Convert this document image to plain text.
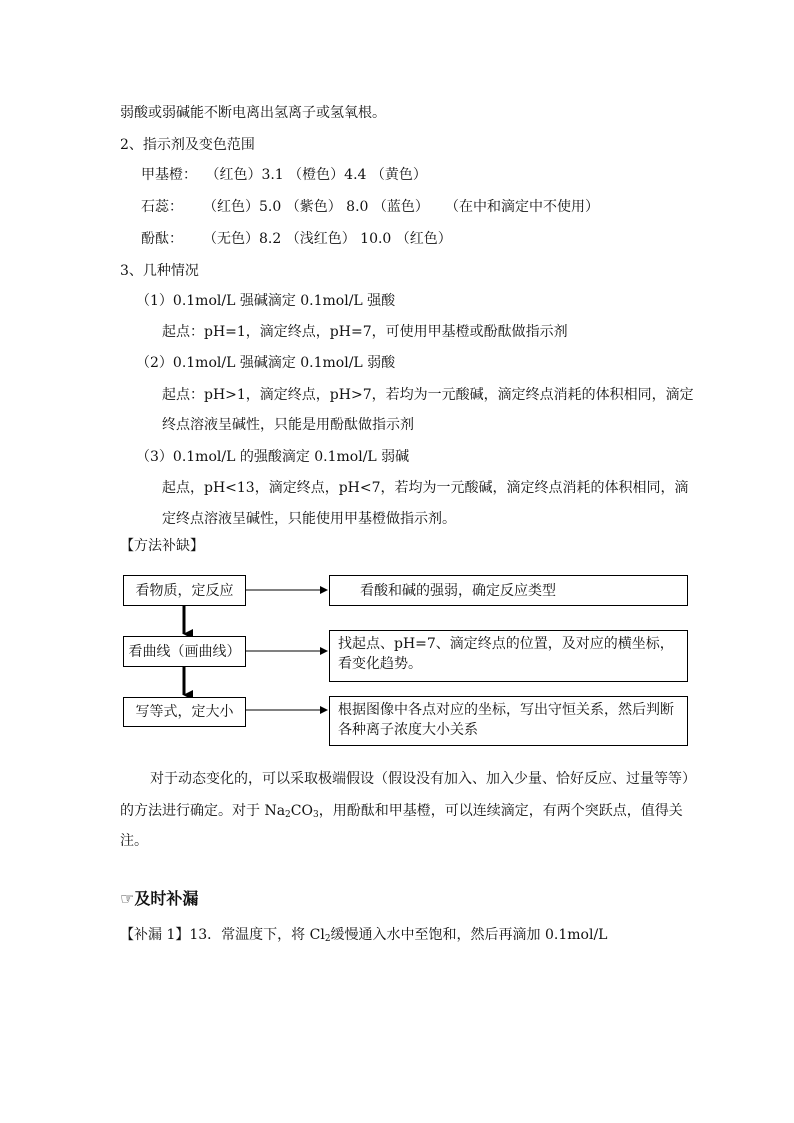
弱酸或弱碱能不断电离出氢离子或氢氧根。
2、指示剂及变色范围
甲基橙： （红色）3.1 （橙色）4.4 （黄色）
石蕊： （红色）5.0 （紫色） 8.0 （蓝色） （在中和滴定中不使用）
酚酞： （无色）8.2 （浅红色） 10.0 （红色）
3、几种情况
（1）0.1mol/L 强碱滴定 0.1mol/L 强酸
起点：pH=1，滴定终点，pH=7，可使用甲基橙或酚酞做指示剂
（2）0.1mol/L 强碱滴定 0.1mol/L 弱酸
起点：pH>1，滴定终点，pH>7，若均为一元酸碱，滴定终点消耗的体积相同，滴定
终点溶液呈碱性，只能是用酚酞做指示剂
（3）0.1mol/L 的强酸滴定 0.1mol/L 弱碱
起点，pH<13，滴定终点，pH<7，若均为一元酸碱，滴定终点消耗的体积相同，滴
定终点溶液呈碱性，只能使用甲基橙做指示剂。
【方法补缺】
看物质，定反应
看曲线（画曲线）
写等式，定大小
看酸和碱的强弱，确定反应类型
找起点、pH=7、滴定终点的位置，及对应的横坐标，看变化趋势。
根据图像中各点对应的坐标，写出守恒关系，然后判断各种离子浓度大小关系
对于动态变化的，可以采取极端假设（假设没有加入、加入少量、恰好反应、过量等等）
的方法进行确定。对于 $Na_2CO_3$，用酚酞和甲基橙，可以连续滴定，有两个突跃点，值得关
注。
☞及时补漏
【补漏 1】13．常温度下，将 $Cl_2$缓慢通入水中至饱和，然后再滴加 0.1mol/L
